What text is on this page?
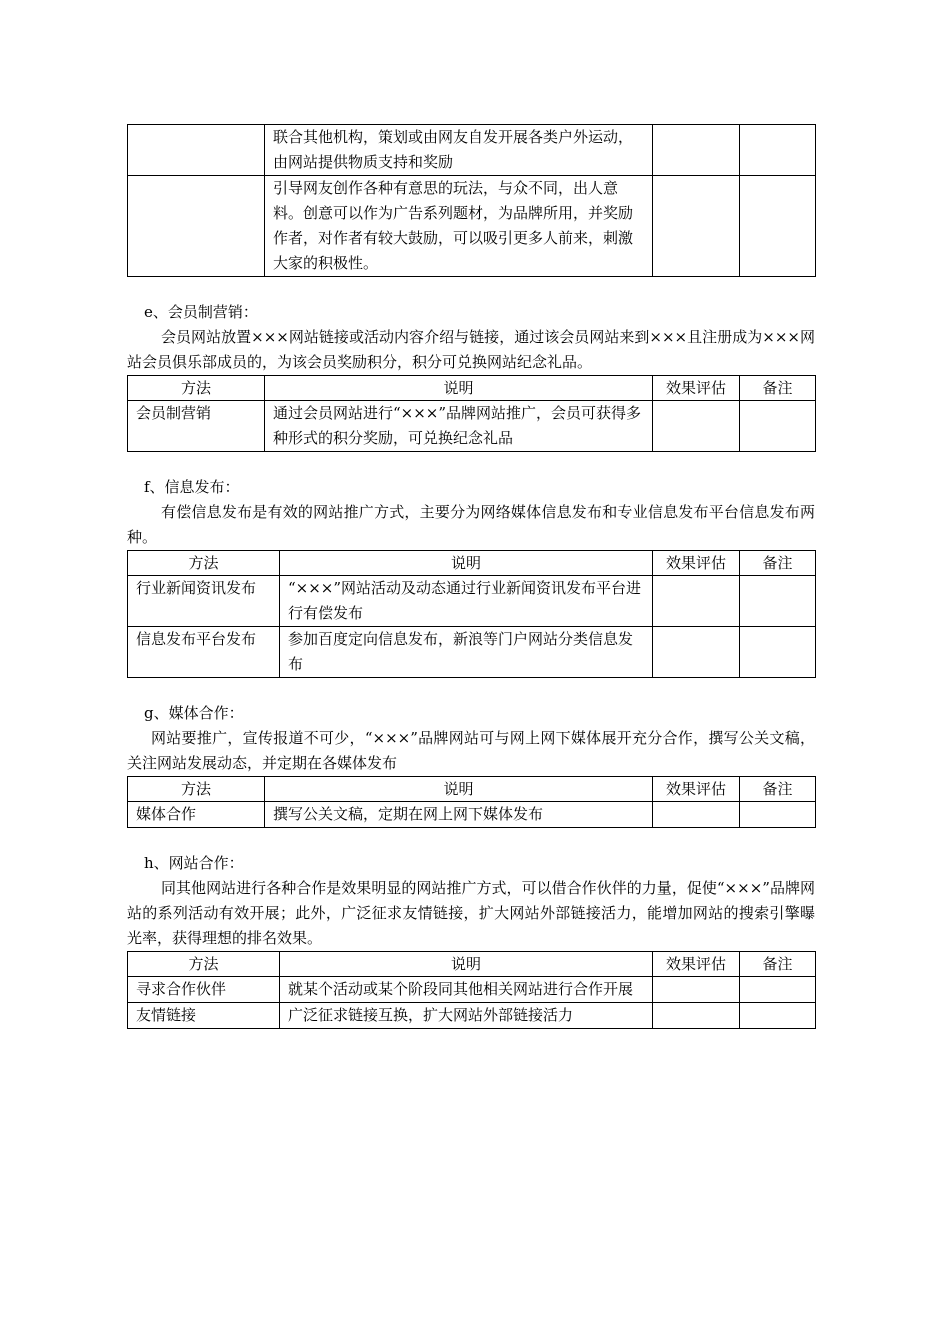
	联合其他机构，策划或由网友自发开展各类户外运动，由网站提供物质支持和奖励		
	引导网友创作各种有意思的玩法，与众不同，出人意料。创意可以作为广告系列题材，为品牌所用，并奖励作者，对作者有较大鼓励，可以吸引更多人前来，刺激大家的积极性。		

e、会员制营销：

会员网站放置×××网站链接或活动内容介绍与链接，通过该会员网站来到×××且注册成为×××网站会员俱乐部成员的，为该会员奖励积分，积分可兑换网站纪念礼品。

方法	说明	效果评估	备注
会员制营销	通过会员网站进行“×××”品牌网站推广，会员可获得多种形式的积分奖励，可兑换纪念礼品		

f、信息发布：

有偿信息发布是有效的网站推广方式，主要分为网络媒体信息发布和专业信息发布平台信息发布两种。

方法	说明	效果评估	备注
行业新闻资讯发布	“×××”网站活动及动态通过行业新闻资讯发布平台进行有偿发布		
信息发布平台发布	参加百度定向信息发布，新浪等门户网站分类信息发布		

g、媒体合作：

网站要推广，宣传报道不可少，“×××”品牌网站可与网上网下媒体展开充分合作，撰写公关文稿，关注网站发展动态，并定期在各媒体发布

方法	说明	效果评估	备注
媒体合作	撰写公关文稿，定期在网上网下媒体发布		

h、网站合作：

同其他网站进行各种合作是效果明显的网站推广方式，可以借合作伙伴的力量，促使“×××”品牌网站的系列活动有效开展；此外，广泛征求友情链接，扩大网站外部链接活力，能增加网站的搜索引擎曝光率，获得理想的排名效果。

方法	说明	效果评估	备注
寻求合作伙伴	就某个活动或某个阶段同其他相关网站进行合作开展		
友情链接	广泛征求链接互换，扩大网站外部链接活力		
